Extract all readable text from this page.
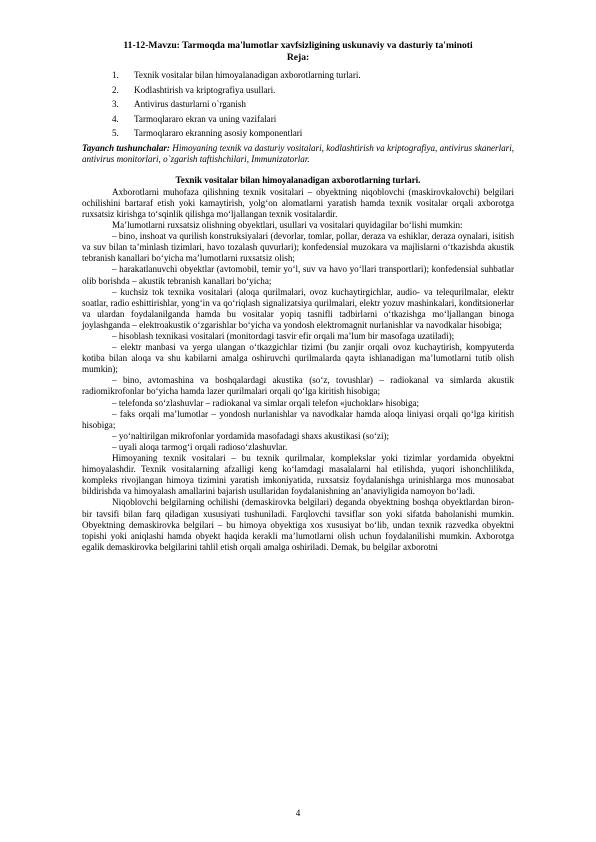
11-12-Mavzu: Tarmoqda ma'lumotlar xavfsizligining uskunaviy va dasturiy ta'minoti
Reja:
1.	Texnik vositalar bilan himoyalanadigan axborotlarning turlari.
2.	Kodlashtirish va kriptografiya usullari.
3.	Antivirus dasturlarni o`rganish
4.	Tarmoqlararo ekran va uning vazifalari
5.	Tarmoqlararo ekranning asosiy komponentlari
Tayanch tushunchalar: Himoyaning texnik va dasturiy vositalari, kodlashtirish va kriptografiya, antivirus skanerlari, antivirus monitorlari, o`zgarish taftishchilari, Immunizatorlar.
Texnik vositalar bilan himoyalanadigan axborotlarning turlari.

Axborotlarni muhofaza qilishning texnik vositalari – obyektning niqoblovchi (maskirovkalovchi) belgilari ochilishini bartaraf etish yoki kamaytirish, yolg‘on alomatlarni yaratish hamda texnik vositalar orqali axborotga ruxsatsiz kirishga to‘sqinlik qilishga mo‘ljallangan texnik vositalardir.

Ma’lumotlarni ruxsatsiz olishning obyektlari, usullari va vositalari quyidagilar bo‘lishi mumkin:

– bino, inshoat va qurilish konstruksiyalari (devorlar, tomlar, pollar, deraza va eshiklar, deraza oynalari, isitish va suv bilan ta’minlash tizimlari, havo tozalash quvurlari); konfedensial muzokara va majlislarni o‘tkazishda akustik tebranish kanallari bo‘yicha ma’lumotlarni ruxsatsiz olish;

– harakatlanuvchi obyektlar (avtomobil, temir yo‘l, suv va havo yo‘llari transportlari); konfedensial suhbatlar olib borishda – akustik tebranish kanallari bo‘yicha;

– kuchsiz tok texnika vositalari (aloqa qurilmalari, ovoz kuchaytirgichlar, audio- va telequrilmalar, elektr soatlar, radio eshittirishlar, yong‘in va qo‘riqlash signalizatsiya qurilmalari, elektr yozuv mashinkalari, konditsionerlar va ulardan foydalanilganda hamda bu vositalar yopiq tasnifli tadbirlarni o‘tkazishga mo‘ljallangan binoga joylashganda – elektroakustik o‘zgarishlar bo‘yicha va yondosh elektromagnit nurlanishlar va navodkalar hisobiga;

– hisoblash texnikasi vositalari (monitordagi tasvir efir orqali ma’lum bir masofaga uzatiladi);

– elektr manbasi va yerga ulangan o‘tkazgichlar tizimi (bu zanjir orqali ovoz kuchaytirish, kompyuterda kotiba bilan aloqa va shu kabilarni amalga oshiruvchi qurilmalarda qayta ishlanadigan ma’lumotlarni tutib olish mumkin);

– bino, avtomashina va boshqalardagi akustika (so‘z, tovushlar) – radiokanal va simlarda akustik radiomikrofonlar bo‘yicha hamda lazer qurilmalari orqali qo‘lga kiritish hisobiga;

– telefonda so‘zlashuvlar – radiokanal va simlar orqali telefon «juchoklar» hisobiga;

– faks orqali ma’lumotlar – yondosh nurlanishlar va navodkalar hamda aloqa liniyasi orqali qo‘lga kiritish hisobiga;

– yo‘naltirilgan mikrofonlar yordamida masofadagi shaxs akustikasi (so‘zi);

– uyali aloqa tarmog‘i orqali radioso‘zlashuvlar.

Himoyaning texnik vositalari – bu texnik qurilmalar, komplekslar yoki tizimlar yordamida obyektni himoyalashdir. Texnik vositalarning afzalligi keng ko‘lamdagi masalalarni hal etilishda, yuqori ishonchlilikda, kompleks rivojlangan himoya tizimini yaratish imkoniyatida, ruxsatsiz foydalanishga urinishlarga mos munosabat bildirishda va himoyalash amallarini bajarish usullaridan foydalanishning an’anaviyligida namoyon bo‘ladi.

Niqoblovchi belgilarning ochilishi (demaskirovka belgilari) deganda obyektning boshqa obyektlardan biron-bir tavsifi bilan farq qiladigan xususiyati tushuniladi. Farqlovchi tavsiflar son yoki sifatda baholanishi mumkin. Obyektning demaskirovka belgilari – bu himoya obyektiga xos xususiyat bo‘lib, undan texnik razvedka obyektni topishi yoki aniqlashi hamda obyekt haqida kerakli ma’lumotlarni olish uchun foydalanilishi mumkin. Axborotga egalik demaskirovka belgilarini tahlil etish orqali amalga oshiriladi. Demak, bu belgilar axborotni

4
